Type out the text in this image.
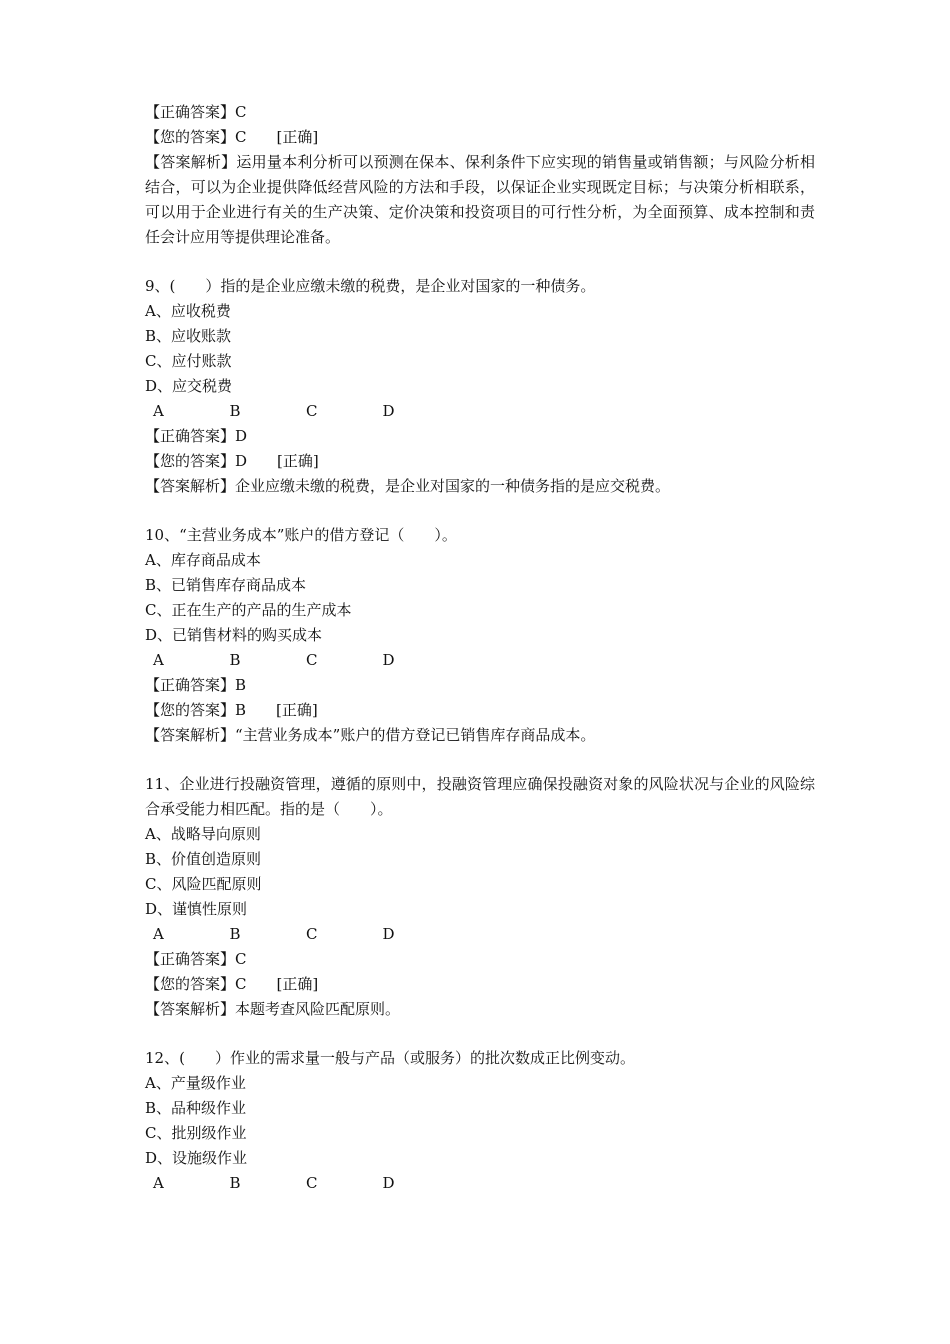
【正确答案】C

【您的答案】C　　[正确]

【答案解析】运用量本利分析可以预测在保本、保利条件下应实现的销售量或销售额；与风险分析相结合，可以为企业提供降低经营风险的方法和手段，以保证企业实现既定目标；与决策分析相联系，可以用于企业进行有关的生产决策、定价决策和投资项目的可行性分析，为全面预算、成本控制和责任会计应用等提供理论准备。

9、(　　）指的是企业应缴未缴的税费，是企业对国家的一种债务。

A、应收税费

B、应收账款

C、应付账款

D、应交税费

A	B	C	D

【正确答案】D

【您的答案】D　　[正确]

【答案解析】企业应缴未缴的税费，是企业对国家的一种债务指的是应交税费。

10、“主营业务成本”账户的借方登记（　　）。

A、库存商品成本

B、已销售库存商品成本

C、正在生产的产品的生产成本

D、已销售材料的购买成本

A	B	C	D

【正确答案】B

【您的答案】B　　[正确]

【答案解析】“主营业务成本”账户的借方登记已销售库存商品成本。

11、企业进行投融资管理，遵循的原则中，投融资管理应确保投融资对象的风险状况与企业的风险综合承受能力相匹配。指的是（　　）。

A、战略导向原则

B、价值创造原则

C、风险匹配原则

D、谨慎性原则

A	B	C	D

【正确答案】C

【您的答案】C　　[正确]

【答案解析】本题考查风险匹配原则。

12、(　　）作业的需求量一般与产品（或服务）的批次数成正比例变动。

A、产量级作业

B、品种级作业

C、批别级作业

D、设施级作业

A	B	C	D
